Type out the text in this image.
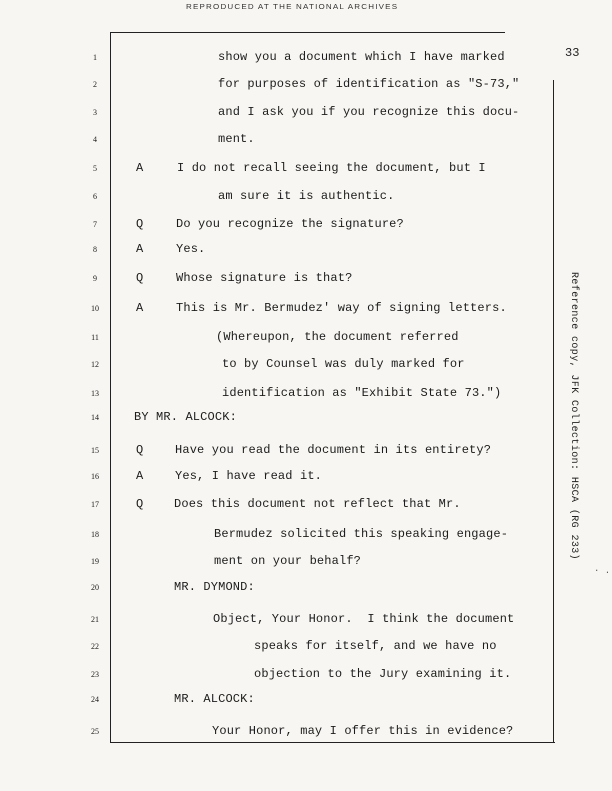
REPRODUCED AT THE NATIONAL ARCHIVES
33
1	show you a document which I have marked
2	for purposes of identification as "S-73,"
3	and I ask you if you recognize this docu-
4	ment.
5	A	I do not recall seeing the document, but I
6	am sure it is authentic.
7	Q	Do you recognize the signature?
8	A	Yes.
9	Q	Whose signature is that?
10	A	This is Mr. Bermudez' way of signing letters.
11	(Whereupon, the document referred
12	to by Counsel was duly marked for
13	identification as "Exhibit State 73.")
14	BY MR. ALCOCK:
15	Q	Have you read the document in its entirety?
16	A	Yes, I have read it.
17	Q	Does this document not reflect that Mr.
18	Bermudez solicited this speaking engage-
19	ment on your behalf?
20	MR. DYMOND:
21	Object, Your Honor.  I think the document
22	speaks for itself, and we have no
23	objection to the Jury examining it.
24	MR. ALCOCK:
25	Your Honor, may I offer this in evidence?
Reference copy, JFK Collection: HSCA (RG 233)
· .
